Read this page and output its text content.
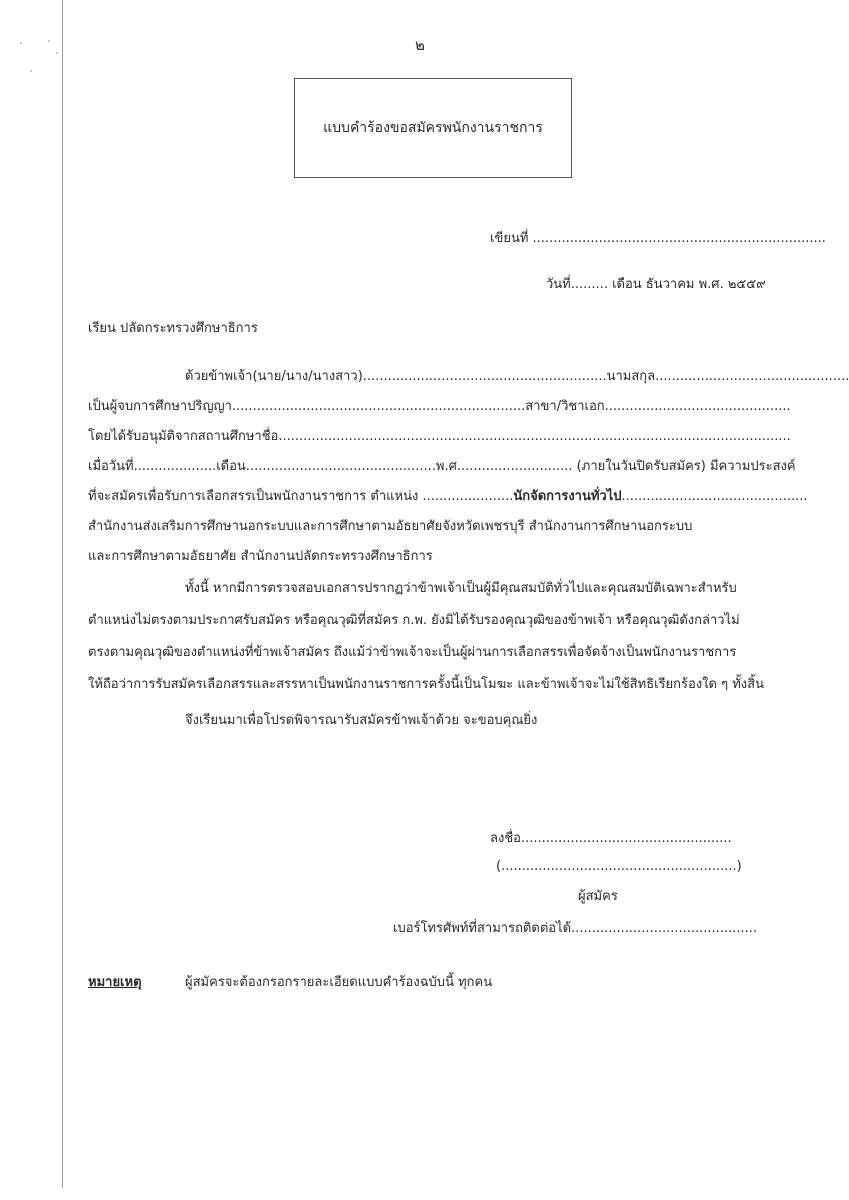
๒
แบบคำร้องขอสมัครพนักงานราชการ
เขียนที่ .......................................................................
วันที่......... เดือน ธันวาคม พ.ศ. ๒๕๕๙
เรียน ปลัดกระทรวงศึกษาธิการ
ด้วยข้าพเจ้า(นาย/นาง/นางสาว)...........................................................นามสกุล...............................................
เป็นผู้จบการศึกษาปริญญา.......................................................................สาขา/วิชาเอก.............................................
โดยได้รับอนุมัติจากสถานศึกษาชื่อ............................................................................................................................
เมื่อวันที่....................เดือน..............................................พ.ศ............................ (ภายในวันปิดรับสมัคร) มีความประสงค์
ที่จะสมัครเพื่อรับการเลือกสรรเป็นพนักงานราชการ ตำแหน่ง ......................นักจัดการงานทั่วไป.............................................
สำนักงานส่งเสริมการศึกษานอกระบบและการศึกษาตามอัธยาศัยจังหวัดเพชรบุรี สำนักงานการศึกษานอกระบบ
และการศึกษาตามอัธยาศัย สำนักงานปลัดกระทรวงศึกษาธิการ
ทั้งนี้ หากมีการตรวจสอบเอกสารปรากฏว่าข้าพเจ้าเป็นผู้มีคุณสมบัติทั่วไปและคุณสมบัติเฉพาะสำหรับ
ตำแหน่งไม่ตรงตามประกาศรับสมัคร หรือคุณวุฒิที่สมัคร ก.พ. ยังมิได้รับรองคุณวุฒิของข้าพเจ้า หรือคุณวุฒิดังกล่าวไม่
ตรงตามคุณวุฒิของตำแหน่งที่ข้าพเจ้าสมัคร ถึงแม้ว่าข้าพเจ้าจะเป็นผู้ผ่านการเลือกสรรเพื่อจัดจ้างเป็นพนักงานราชการ
ให้ถือว่าการรับสมัครเลือกสรรและสรรหาเป็นพนักงานราชการครั้งนี้เป็นโมฆะ และข้าพเจ้าจะไม่ใช้สิทธิเรียกร้องใด ๆ ทั้งสิ้น
จึงเรียนมาเพื่อโปรดพิจารณารับสมัครข้าพเจ้าด้วย จะขอบคุณยิ่ง
ลงชื่อ...................................................
(.........................................................)
ผู้สมัคร
เบอร์โทรศัพท์ที่สามารถติดต่อได้.............................................
หมายเหตุ	ผู้สมัครจะต้องกรอกรายละเอียดแบบคำร้องฉบับนี้ ทุกคน
